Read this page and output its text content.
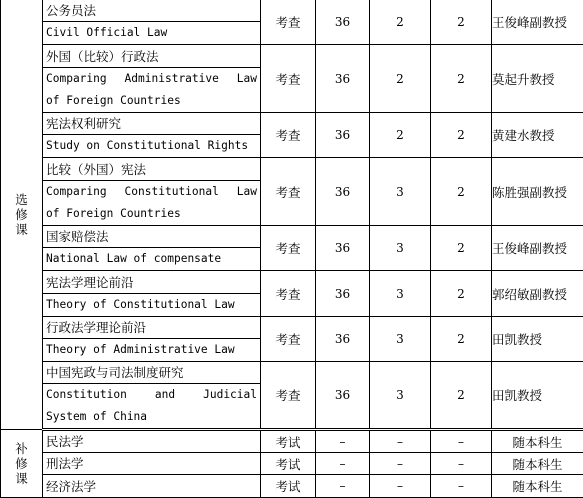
选修课	公务员法
Civil Official Law	考查	36	2	2	王俊峰副教授

	外国（比较）行政法
Comparing Administrative Law
of Foreign Countries	考查	36	2	2	莫起升教授

	宪法权利研究
Study on Constitutional Rights	考查	36	2	2	黄建水教授

	比较（外国）宪法
Comparing Constitutional Law
of Foreign Countries	考查	36	3	2	陈胜强副教授

	国家赔偿法
National Law of compensate	考查	36	3	2	王俊峰副教授

	宪法学理论前沿
Theory of Constitutional Law	考查	36	3	2	郭绍敏副教授

	行政法学理论前沿
Theory of Administrative Law	考查	36	3	2	田凯教授

	中国宪政与司法制度研究
Constitution and Judicial
System of China	考查	36	3	2	田凯教授
补修课	民法学	考试	–	–	–	随本科生

	刑法学	考试	–	–	–	随本科生

	经济法学	考试	–	–	–	随本科生
